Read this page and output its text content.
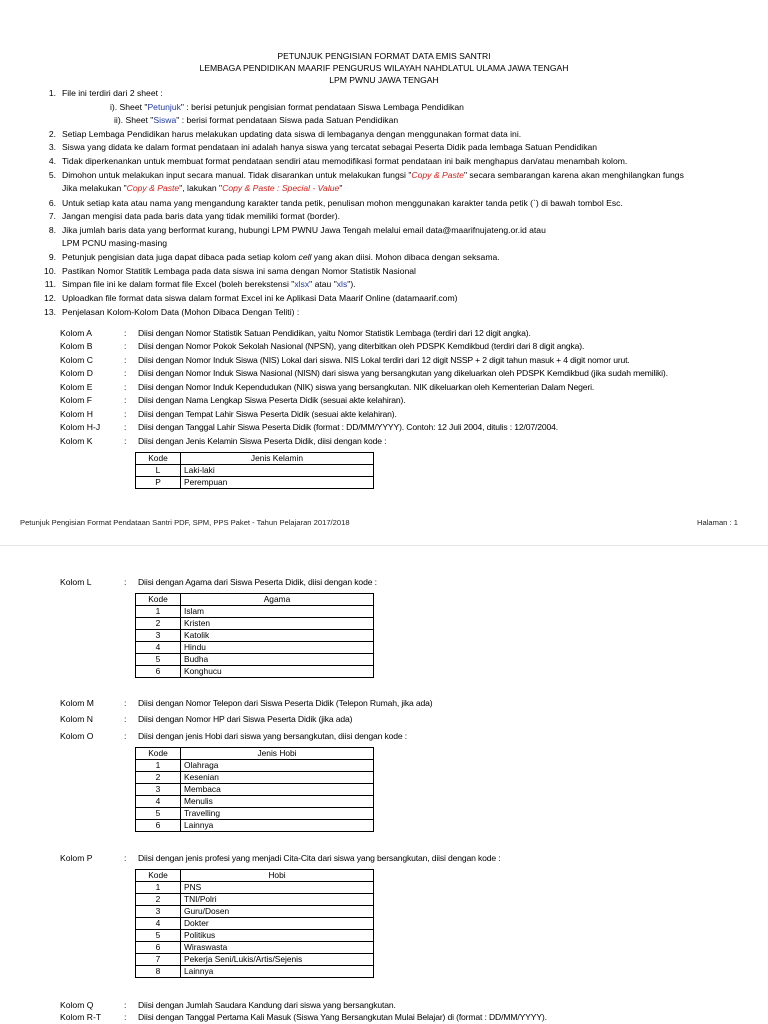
PETUNJUK PENGISIAN FORMAT DATA EMIS SANTRI
LEMBAGA PENDIDIKAN MAARIF PENGURUS WILAYAH NAHDLATUL ULAMA JAWA TENGAH
LPM PWNU JAWA TENGAH
1. File ini terdiri dari 2 sheet :
i). Sheet "Petunjuk" : berisi petunjuk pengisian format pendataan Siswa Lembaga Pendidikan
ii). Sheet "Siswa" : berisi format pendataan Siswa pada Satuan Pendidikan
2. Setiap Lembaga Pendidikan harus melakukan updating data siswa di lembaganya dengan menggunakan format data ini.
3. Siswa yang didata ke dalam format pendataan ini adalah hanya siswa yang tercatat sebagai Peserta Didik pada lembaga Satuan Pendidikan
4. Tidak diperkenankan untuk membuat format pendataan sendiri atau memodifikasi format pendataan ini baik menghapus dan/atau menambah kolom.
5. Dimohon untuk melakukan input secara manual. Tidak disarankan untuk melakukan fungsi "Copy & Paste" secara sembarangan karena akan menghilangkan fungs
Jika melakukan "Copy & Paste", lakukan "Copy & Paste : Special - Value"
6. Untuk setiap kata atau nama yang mengandung karakter tanda petik, penulisan mohon menggunakan karakter tanda petik (`) di bawah tombol Esc.
7. Jangan mengisi data pada baris data yang tidak memiliki format (border).
8. Jika jumlah baris data yang berformat kurang, hubungi LPM PWNU Jawa Tengah melalui email data@maarifnujateng.or.id atau
LPM PCNU masing-masing
9. Petunjuk pengisian data juga dapat dibaca pada setiap kolom cell yang akan diisi. Mohon dibaca dengan seksama.
10. Pastikan Nomor Statitik Lembaga pada data siswa ini sama dengan Nomor Statistik Nasional
11. Simpan file ini ke dalam format file Excel (boleh berekstensi "xlsx" atau "xls").
12. Uploadkan file format data siswa dalam format Excel ini ke Aplikasi Data Maarif Online (datamaarif.com)
13. Penjelasan Kolom-Kolom Data (Mohon Dibaca Dengan Teliti) :
Kolom A	: Diisi dengan Nomor Statistik Satuan Pendidikan, yaitu Nomor Statistik Lembaga (terdiri dari 12 digit angka).
Kolom B	: Diisi dengan Nomor Pokok Sekolah Nasional (NPSN), yang diterbitkan oleh PDSPK Kemdikbud (terdiri dari 8 digit angka).
Kolom C	: Diisi dengan Nomor Induk Siswa (NIS) Lokal dari siswa. NIS Lokal terdiri dari 12 digit NSSP + 2 digit tahun masuk + 4 digit nomor urut.
Kolom D	: Diisi dengan Nomor Induk Siswa Nasional (NISN) dari siswa yang bersangkutan yang dikeluarkan oleh PDSPK Kemdikbud (jika sudah memiliki).
Kolom E	: Diisi dengan Nomor Induk Kependudukan (NIK) siswa yang bersangkutan. NIK dikeluarkan oleh Kementerian Dalam Negeri.
Kolom F	: Diisi dengan Nama Lengkap Siswa Peserta Didik (sesuai akte kelahiran).
Kolom H	: Diisi dengan Tempat Lahir Siswa Peserta Didik (sesuai akte kelahiran).
Kolom H-J	: Diisi dengan Tanggal Lahir Siswa Peserta Didik (format : DD/MM/YYYY). Contoh: 12 Juli 2004, ditulis : 12/07/2004.
Kolom K	: Diisi dengan Jenis Kelamin Siswa Peserta Didik, diisi dengan kode :
Kode	Jenis Kelamin
L	Laki-laki
P	Perempuan
Petunjuk Pengisian Format Pendataan Santri PDF, SPM, PPS Paket - Tahun Pelajaran 2017/2018	Halaman : 1
Kolom L	: Diisi dengan Agama dari Siswa Peserta Didik, diisi dengan kode :
Kode	Agama
1	Islam
2	Kristen
3	Katolik
4	Hindu
5	Budha
6	Konghucu
Kolom M	: Diisi dengan Nomor Telepon dari Siswa Peserta Didik (Telepon Rumah, jika ada)
Kolom N	: Diisi dengan Nomor HP dari Siswa Peserta Didik (jika ada)
Kolom O	: Diisi dengan jenis Hobi dari siswa yang bersangkutan, diisi dengan kode :
Kode	Jenis Hobi
1	Olahraga
2	Kesenian
3	Membaca
4	Menulis
5	Travelling
6	Lainnya
Kolom P	: Diisi dengan jenis profesi yang menjadi Cita-Cita dari siswa yang bersangkutan, diisi dengan kode :
Kode	Hobi
1	PNS
2	TNI/Polri
3	Guru/Dosen
4	Dokter
5	Politikus
6	Wiraswasta
7	Pekerja Seni/Lukis/Artis/Sejenis
8	Lainnya
Kolom Q	: Diisi dengan Jumlah Saudara Kandung dari siswa yang bersangkutan.
Kolom R-T	: Diisi dengan Tanggal Pertama Kali Masuk (Siswa Yang Bersangkutan Mulai Belajar) di (format : DD/MM/YYYY).
